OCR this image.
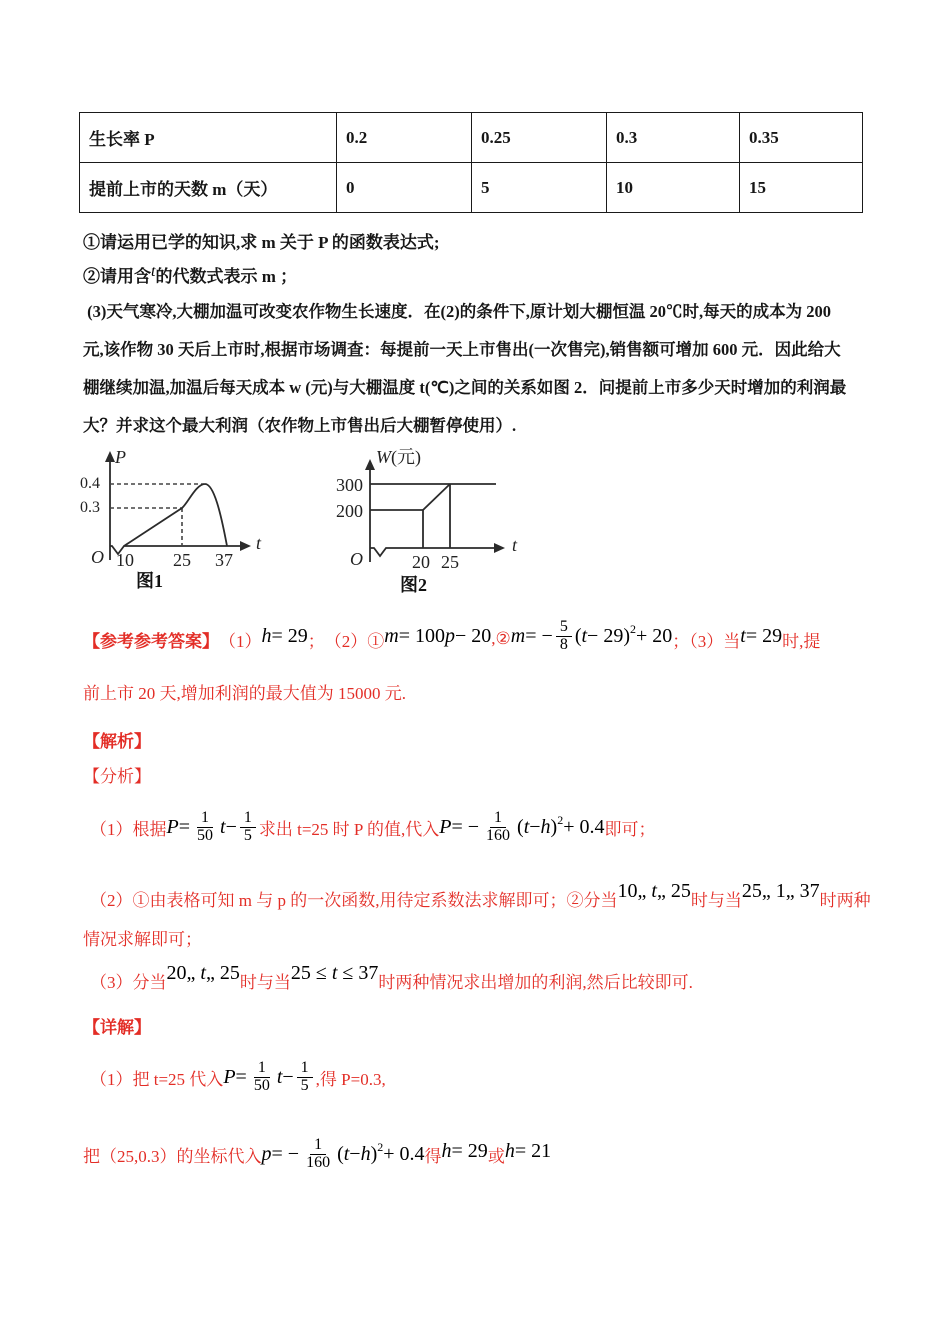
生长率 P	0.2	0.25	0.3	0.35
提前上市的天数 m（天）	0	5	10	15
①请运用已学的知识,求 m 关于 P 的函数表达式;
②请用含 t 的代数式表示 m ；
(3)天气寒冷,大棚加温可改变农作物生长速度．在(2)的条件下,原计划大棚恒温 20℃时,每天的成本为 200
元,该作物 30 天后上市时,根据市场调查：每提前一天上市售出(一次售完),销售额可增加 600 元．因此给大
棚继续加温,加温后每天成本 w (元)与大棚温度 t(℃)之间的关系如图 2．问提前上市多少天时增加的利润最
大？并求这个最大利润（农作物上市售出后大棚暂停使用）.
P
t
0.4
0.3
O 10 25 37
图1
W(元)
t
300
200
O	20 25
图2
【参考参考答案】 （1） h = 29 ； （2）① m = 100 p − 20 ,② m = − $\frac{5}{8}$ ( t − 29) 2 + 20 ；（3）当 t = 29 时,提
前上市 20 天,增加利润的最大值为 15000 元.
【解析】
【分析】
（1）根据 $P = \frac{1}{50}$ $t - \frac{1}{5}$ 求出 t=25 时 P 的值,代入 P = − $\frac{1}{160}$ ( t − h ) 2 + 0.4 即可；
（2）①由表格可知 m 与 p 的一次函数,用待定系数法求解即可；②分当 10„ t „ 25 时与当 25„ 1„ 37 时两种
情况求解即可；
（3）分当 20„ t „ 25 时与当 25 ≤ t ≤ 37 时两种情况求出增加的利润,然后比较即可.
【详解】
（1）把 t=25 代入 $P = \frac{1}{50}$ $t - \frac{1}{5}$ ,得 P=0.3,
把（25,0.3）的坐标代入 p = − $\frac{1}{160}$ ( t − h ) 2 + 0.4 得 h = 29 或 h = 21
